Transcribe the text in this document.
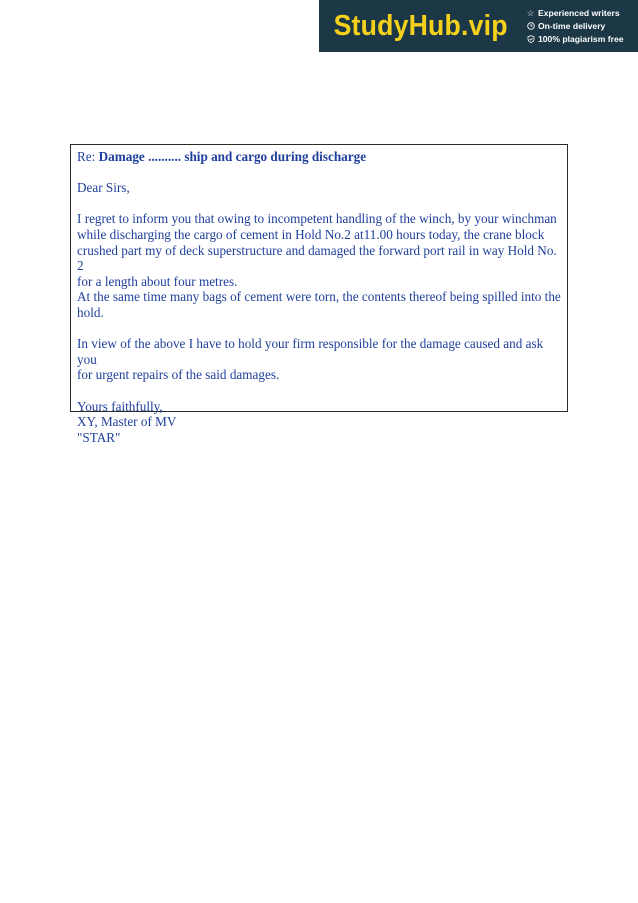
StudyHub.vip ☆ Experienced writers
On-time delivery
100% plagiarism free

Re: Damage .......... ship and cargo during discharge

Dear Sirs,

I regret to inform you that owing to incompetent handling of the winch, by your winchman

while discharging the cargo of cement in Hold No.2 at11.00 hours today, the crane block

crushed part my of deck superstructure and damaged the forward port rail in way Hold No. 2

for a length about four metres.

At the same time many bags of cement were torn, the contents thereof being spilled into the

hold.

In view of the above I have to hold your firm responsible for the damage caused and ask you

for urgent repairs of the said damages.

Yours faithfully,

XY, Master of MV

"STAR"
